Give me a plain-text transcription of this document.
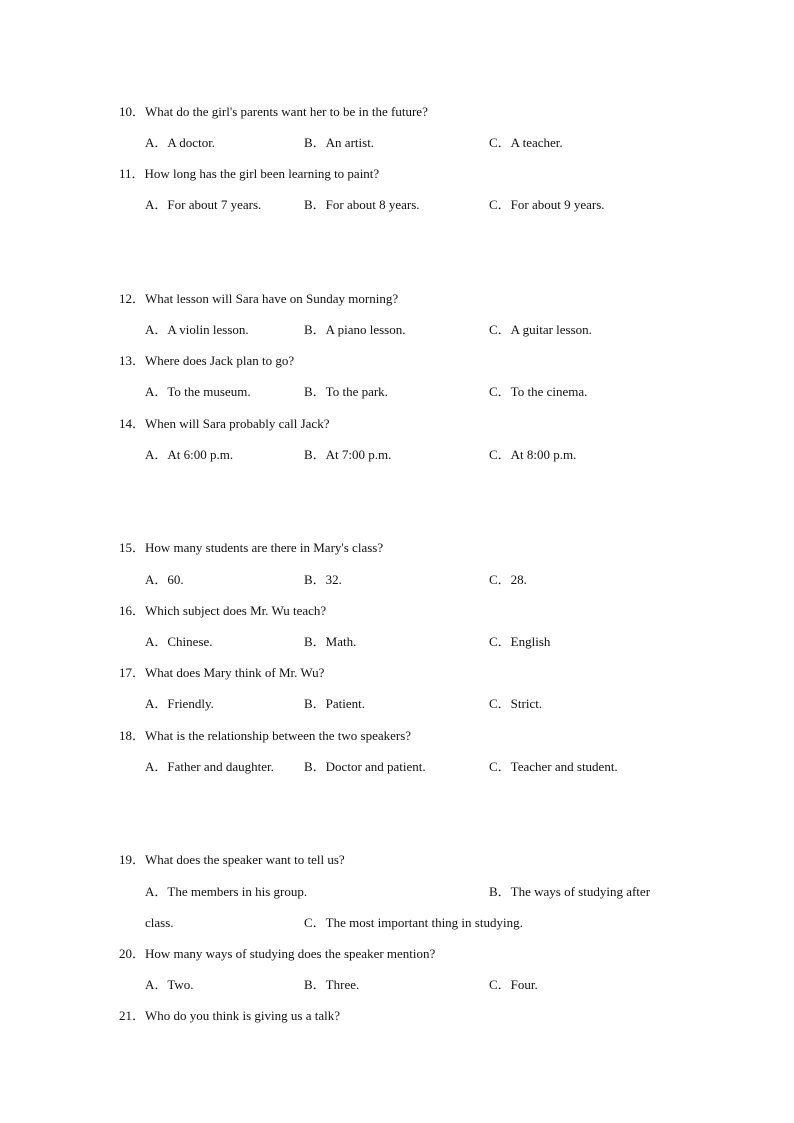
10．What do the girl's parents want her to be in the future?
A．A doctor.	B．An artist.	C．A teacher.
11．How long has the girl been learning to paint?
A．For about 7 years.	B．For about 8 years.	C．For about 9 years.
12．What lesson will Sara have on Sunday morning?
A．A violin lesson.	B．A piano lesson.	C．A guitar lesson.
13．Where does Jack plan to go?
A．To the museum.	B．To the park.	C．To the cinema.
14．When will Sara probably call Jack?
A．At 6:00 p.m.	B．At 7:00 p.m.	C．At 8:00 p.m.
15．How many students are there in Mary's class?
A．60.	B．32.	C．28.
16．Which subject does Mr. Wu teach?
A．Chinese.	B．Math.	C．English
17．What does Mary think of Mr. Wu?
A．Friendly.	B．Patient.	C．Strict.
18．What is the relationship between the two speakers?
A．Father and daughter. B．Doctor and patient.	C．Teacher and student.
19．What does the speaker want to tell us?
A．The members in his group.	B．The ways of studying after
class.	C．The most important thing in studying.
20．How many ways of studying does the speaker mention?
A．Two.	B．Three.	C．Four.
21．Who do you think is giving us a talk?
